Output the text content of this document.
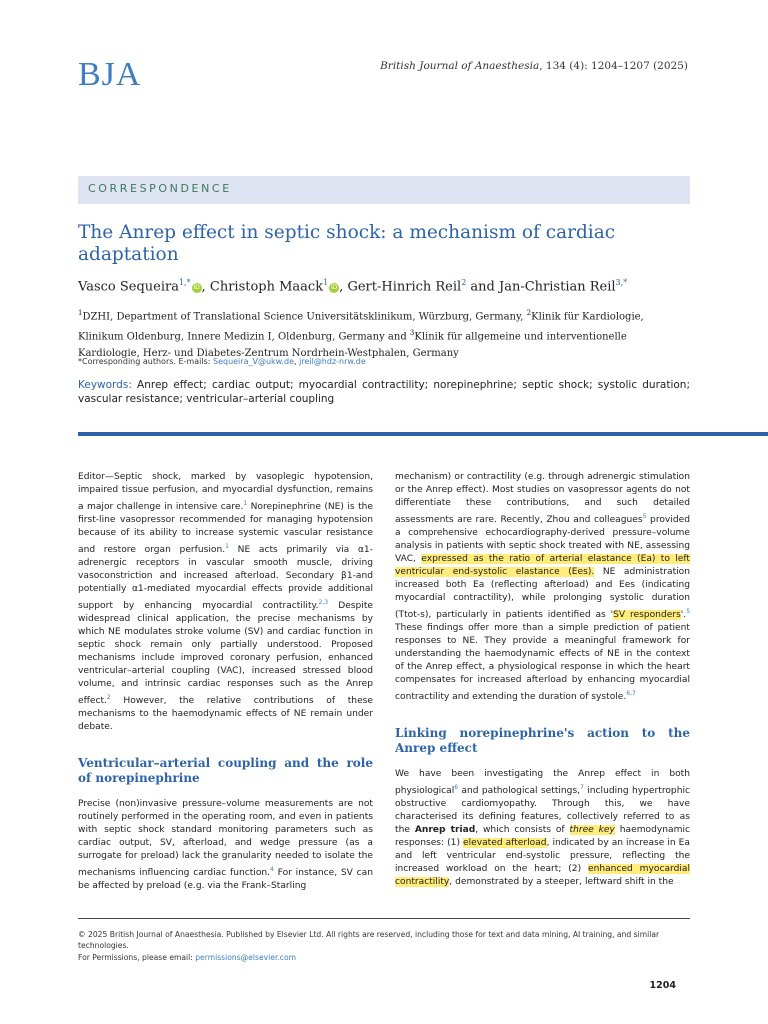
BJA	British Journal of Anaesthesia, 134 (4): 1204–1207 (2025)
CORRESPONDENCE
The Anrep effect in septic shock: a mechanism of cardiac adaptation
Vasco Sequeira$^{1,*}$iD , Christoph Maack$^1$iD , Gert-Hinrich Reil$^2$ and Jan-Christian Reil$^{3,*}$
$^1$DZHI, Department of Translational Science Universitätsklinikum, Würzburg, Germany, $^2$Klinik für Kardiologie, Klinikum Oldenburg, Innere Medizin I, Oldenburg, Germany and $^3$Klinik für allgemeine und interventionelle Kardiologie, Herz- und Diabetes-Zentrum Nordrhein-Westphalen, Germany
*Corresponding authors. E-mails: Sequeira_V@ukw.de, jreil@hdz-nrw.de
Keywords: Anrep effect; cardiac output; myocardial contractility; norepinephrine; septic shock; systolic duration; vascular resistance; ventricular–arterial coupling

Editor—Septic shock, marked by vasoplegic hypotension, impaired tissue perfusion, and myocardial dysfunction, remains a major challenge in intensive care.$^1$ Norepinephrine (NE) is the first-line vasopressor recommended for managing hypotension because of its ability to increase systemic vascular resistance and restore organ perfusion.$^1$ NE acts primarily via α1-adrenergic receptors in vascular smooth muscle, driving vasoconstriction and increased afterload. Secondary β1-and potentially α1-mediated myocardial effects provide additional support by enhancing myocardial contractility.$^{2,3}$ Despite widespread clinical application, the precise mechanisms by which NE modulates stroke volume (SV) and cardiac function in septic shock remain only partially understood. Proposed mechanisms include improved coronary perfusion, enhanced ventricular–arterial coupling (VAC), increased stressed blood volume, and intrinsic cardiac responses such as the Anrep effect.$^2$ However, the relative contributions of these mechanisms to the haemodynamic effects of NE remain under debate.

Ventricular–arterial coupling and the role of norepinephrine

Precise (non)invasive pressure–volume measurements are not routinely performed in the operating room, and even in patients with septic shock standard monitoring parameters such as cardiac output, SV, afterload, and wedge pressure (as a surrogate for preload) lack the granularity needed to isolate the mechanisms influencing cardiac function.$^4$ For instance, SV can be affected by preload (e.g. via the Frank–Starling

mechanism) or contractility (e.g. through adrenergic stimulation or the Anrep effect). Most studies on vasopressor agents do not differentiate these contributions, and such detailed assessments are rare. Recently, Zhou and colleagues$^5$ provided a comprehensive echocardiography-derived pressure–volume analysis in patients with septic shock treated with NE, assessing VAC, expressed as the ratio of arterial elastance (Ea) to left ventricular end-systolic elastance (Ees). NE administration increased both Ea (reflecting afterload) and Ees (indicating myocardial contractility), while prolonging systolic duration (Ttot-s), particularly in patients identified as 'SV responders'.$^5$ These findings offer more than a simple prediction of patient responses to NE. They provide a meaningful framework for understanding the haemodynamic effects of NE in the context of the Anrep effect, a physiological response in which the heart compensates for increased afterload by enhancing myocardial contractility and extending the duration of systole.$^{6,7}$

Linking norepinephrine's action to the Anrep effect

We have been investigating the Anrep effect in both physiological$^6$ and pathological settings,$^7$ including hypertrophic obstructive cardiomyopathy. Through this, we have characterised its defining features, collectively referred to as the Anrep triad, which consists of three key haemodynamic responses: (1) elevated afterload, indicated by an increase in Ea and left ventricular end-systolic pressure, reflecting the increased workload on the heart; (2) enhanced myocardial contractility, demonstrated by a steeper, leftward shift in the

© 2025 British Journal of Anaesthesia. Published by Elsevier Ltd. All rights are reserved, including those for text and data mining, AI training, and similar technologies.
For Permissions, please email: permissions@elsevier.com
1204
